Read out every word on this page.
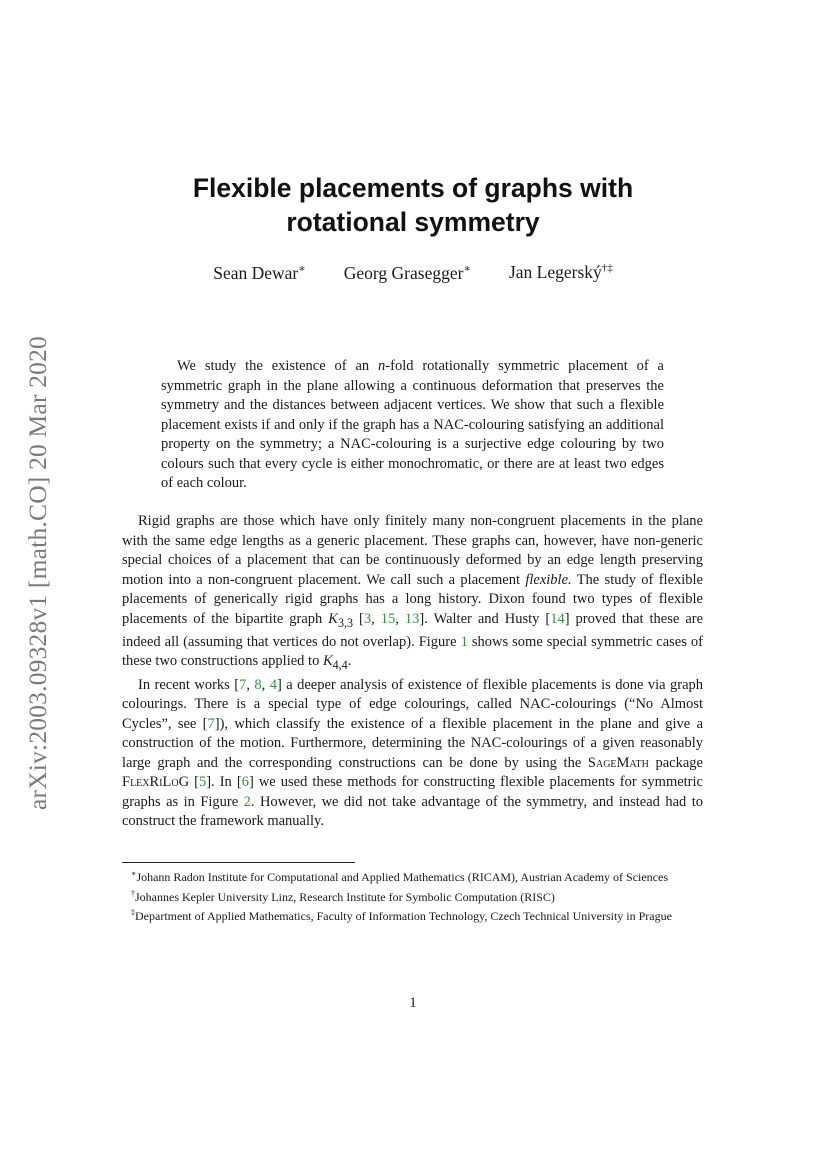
arXiv:2003.09328v1 [math.CO] 20 Mar 2020
Flexible placements of graphs with
rotational symmetry
Sean Dewar∗ Georg Grasegger∗ Jan Legerský†‡

We study the existence of an n-fold rotationally symmetric placement of a symmetric graph in the plane allowing a continuous deformation that preserves the symmetry and the distances between adjacent vertices. We show that such a flexible placement exists if and only if the graph has a NAC-colouring satisfying an additional property on the symmetry; a NAC-colouring is a surjective edge colouring by two colours such that every cycle is either monochromatic, or there are at least two edges of each colour.

Rigid graphs are those which have only finitely many non-congruent placements in the plane with the same edge lengths as a generic placement. These graphs can, however, have non-generic special choices of a placement that can be continuously deformed by an edge length preserving motion into a non-congruent placement. We call such a placement flexible. The study of flexible placements of generically rigid graphs has a long history. Dixon found two types of flexible placements of the bipartite graph $K_{3,3}$ [3, 15, 13]. Walter and Husty [14] proved that these are indeed all (assuming that vertices do not overlap). Figure 1 shows some special symmetric cases of these two constructions applied to $K_{4,4}$.

In recent works [7, 8, 4] a deeper analysis of existence of flexible placements is done via graph colourings. There is a special type of edge colourings, called NAC-colourings (“No Almost Cycles”, see [7]), which classify the existence of a flexible placement in the plane and give a construction of the motion. Furthermore, determining the NAC-colourings of a given reasonably large graph and the corresponding constructions can be done by using the SageMath package FlexRiLoG [5]. In [6] we used these methods for constructing flexible placements for symmetric graphs as in Figure 2. However, we did not take advantage of the symmetry, and instead had to construct the framework manually.

∗Johann Radon Institute for Computational and Applied Mathematics (RICAM), Austrian Academy of Sciences
†Johannes Kepler University Linz, Research Institute for Symbolic Computation (RISC)
‡Department of Applied Mathematics, Faculty of Information Technology, Czech Technical University in Prague
1
